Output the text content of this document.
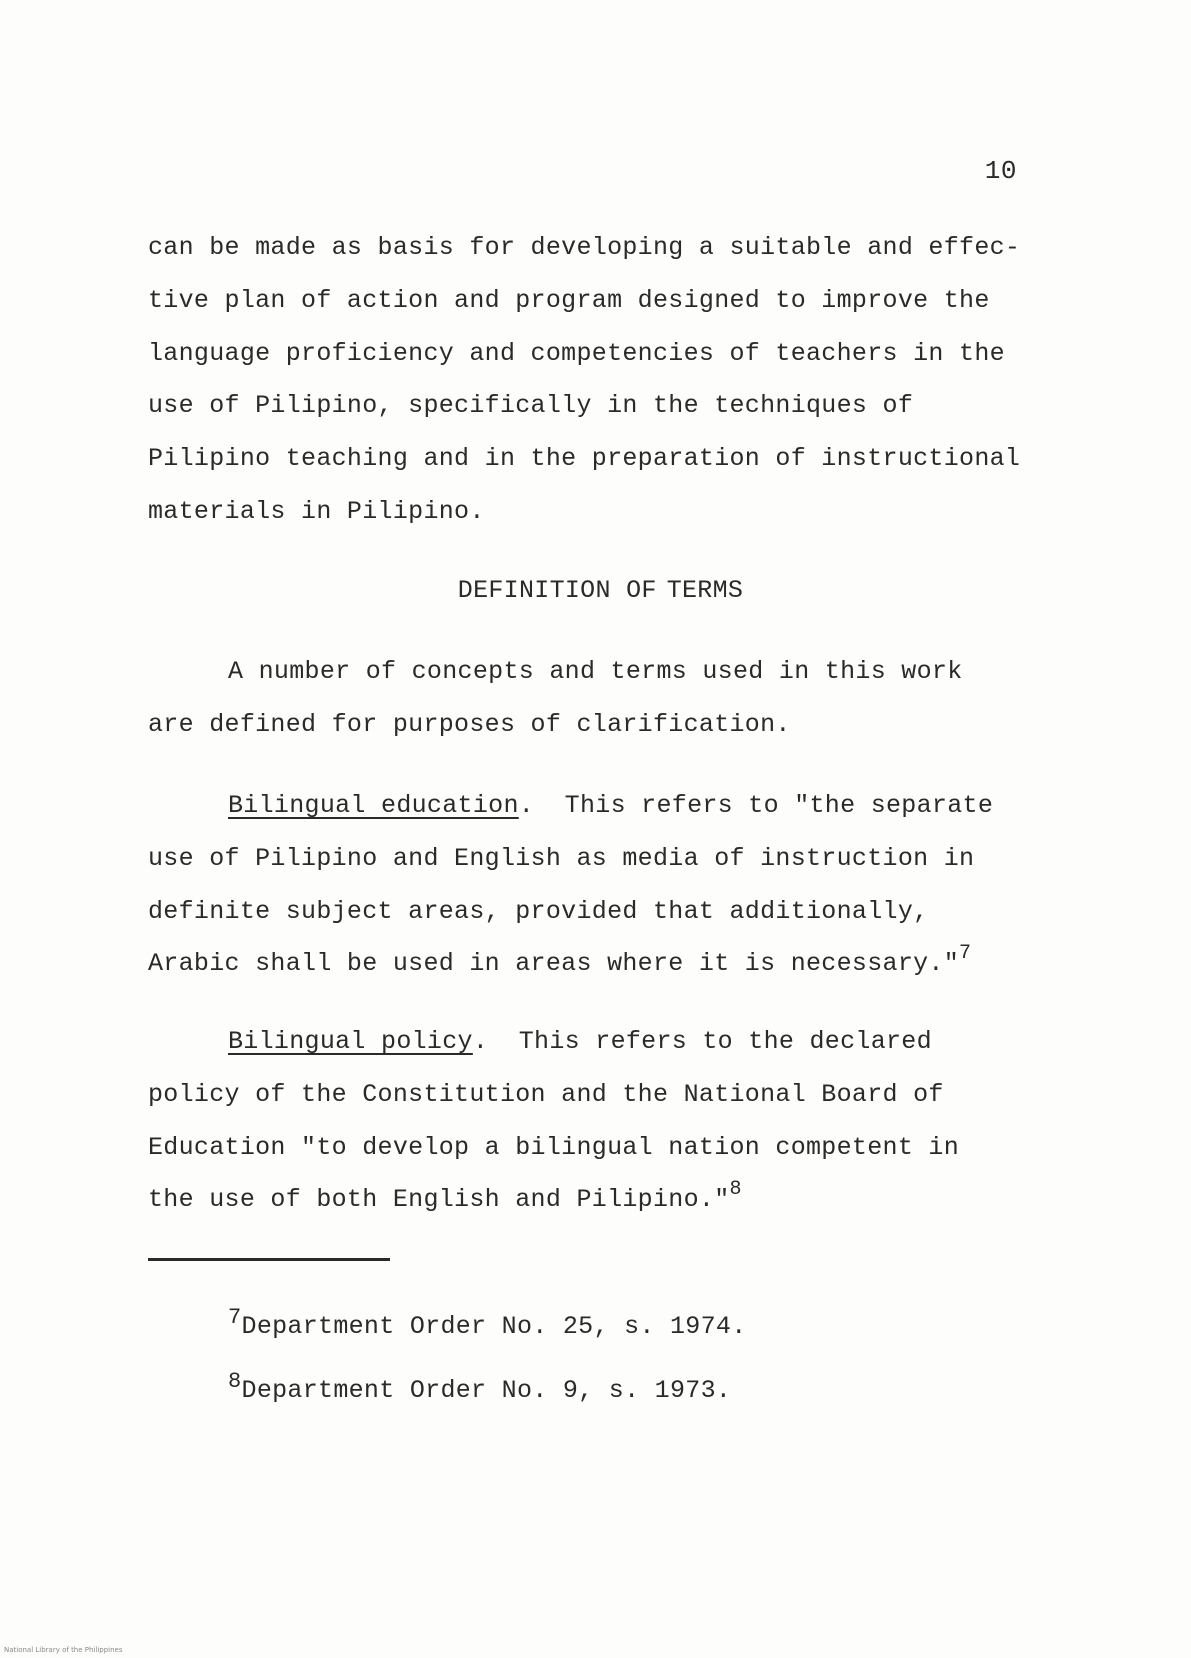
10
can be made as basis for developing a suitable and effec-
tive plan of action and program designed to improve the
language proficiency and competencies of teachers in the
use of Pilipino, specifically in the techniques of
Pilipino teaching and in the preparation of instructional
materials in Pilipino.
DEFINITION OF TERMS
A number of concepts and terms used in this work
are defined for purposes of clarification.
Bilingual education.  This refers to "the separate
use of Pilipino and English as media of instruction in
definite subject areas, provided that additionally,
Arabic shall be used in areas where it is necessary."$^7$
Bilingual policy.  This refers to the declared
policy of the Constitution and the National Board of
Education "to develop a bilingual nation competent in
the use of both English and Pilipino."$^8$
$^7$Department Order No. 25, s. 1974.
$^8$Department Order No. 9, s. 1973.
National Library of the Philippines
